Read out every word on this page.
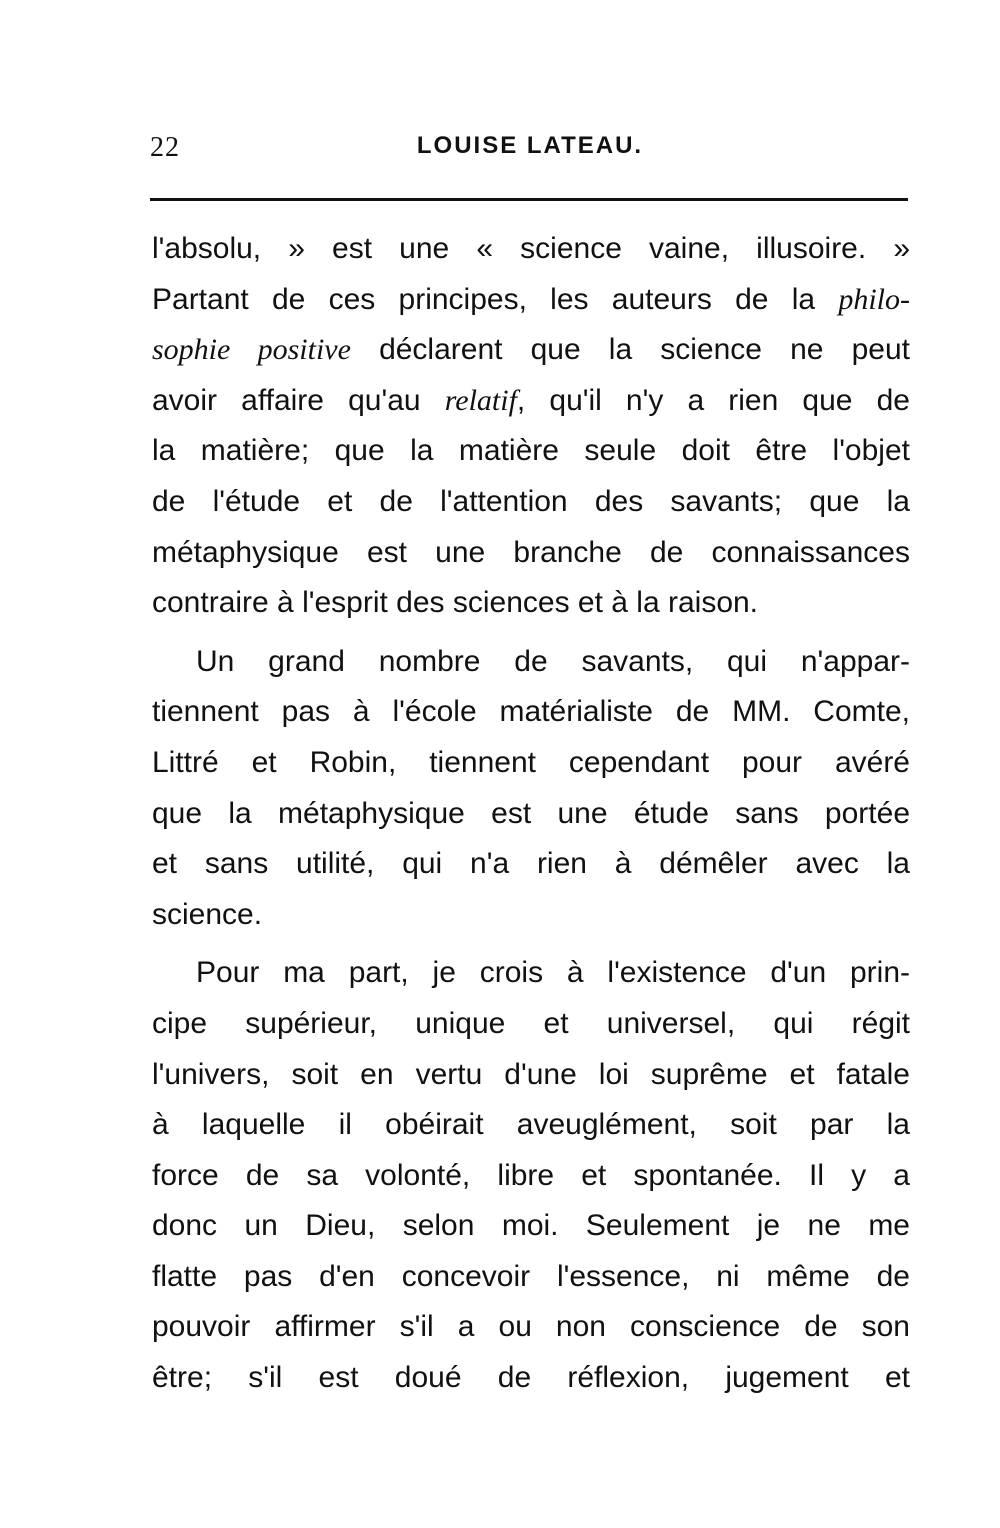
22	LOUISE LATEAU.
l'absolu, » est une « science vaine, illusoire. »
Partant de ces principes, les auteurs de la philo-
sophie positive déclarent que la science ne peut
avoir affaire qu'au relatif, qu'il n'y a rien que de
la matière; que la matière seule doit être l'objet
de l'étude et de l'attention des savants; que la
métaphysique est une branche de connaissances
contraire à l'esprit des sciences et à la raison.
Un grand nombre de savants, qui n'appar-
tiennent pas à l'école matérialiste de MM. Comte,
Littré et Robin, tiennent cependant pour avéré
que la métaphysique est une étude sans portée
et sans utilité, qui n'a rien à démêler avec la
science.
Pour ma part, je crois à l'existence d'un prin-
cipe supérieur, unique et universel, qui régit
l'univers, soit en vertu d'une loi suprême et fatale
à laquelle il obéirait aveuglément, soit par la
force de sa volonté, libre et spontanée. Il y a
donc un Dieu, selon moi. Seulement je ne me
flatte pas d'en concevoir l'essence, ni même de
pouvoir affirmer s'il a ou non conscience de son
être; s'il est doué de réflexion, jugement et
